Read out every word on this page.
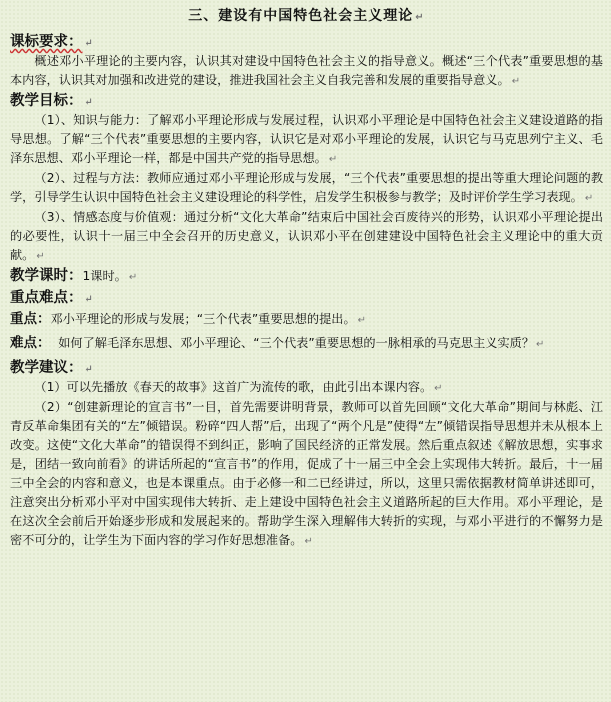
三、建设有中国特色社会主义理论 ↵
课标要求： ↵

概述邓小平理论的主要内容，认识其对建设中国特色社会主义的指导意义。概述“三个代表”重要思想的基本内容，认识其对加强和改进党的建设，推进我国社会主义自我完善和发展的重要指导意义。 ↵

教学目标： ↵

（1）、知识与能力：了解邓小平理论形成与发展过程，认识邓小平理论是中国特色社会主义建设道路的指导思想。了解“三个代表”重要思想的主要内容，认识它是对邓小平理论的发展，认识它与马克思列宁主义、毛泽东思想、邓小平理论一样，都是中国共产党的指导思想。 ↵

（2）、过程与方法：教师应通过邓小平理论形成与发展，“三个代表”重要思想的提出等重大理论问题的教学，引导学生认识中国特色社会主义建设理论的科学性，启发学生积极参与教学；及时评价学生学习表现。 ↵

（3）、情感态度与价值观：通过分析“文化大革命”结束后中国社会百废待兴的形势，认识邓小平理论提出的必要性，认识十一届三中全会召开的历史意义，认识邓小平在创建建设中国特色社会主义理论中的重大贡献。 ↵

教学课时：1课时。 ↵
重点难点： ↵
重点：邓小平理论的形成与发展；“三个代表”重要思想的提出。 ↵
难点： 如何了解毛泽东思想、邓小平理论、“三个代表”重要思想的一脉相承的马克思主义实质？ ↵
教学建议： ↵

（1）可以先播放《春天的故事》这首广为流传的歌，由此引出本课内容。 ↵

（2）“创建新理论的宣言书”一目，首先需要讲明背景，教师可以首先回顾“文化大革命”期间与林彪、江青反革命集团有关的“左”倾错误。粉碎“四人帮”后，出现了“两个凡是”使得“左”倾错误指导思想并未从根本上改变。这使“文化大革命”的错误得不到纠正，影响了国民经济的正常发展。然后重点叙述《解放思想，实事求是，团结一致向前看》的讲话所起的“宣言书”的作用，促成了十一届三中全会上实现伟大转折。最后，十一届三中全会的内容和意义，也是本课重点。由于必修一和二已经讲过，所以，这里只需依据教材简单讲述即可，注意突出分析邓小平对中国实现伟大转折、走上建设中国特色社会主义道路所起的巨大作用。邓小平理论，是在这次全会前后开始逐步形成和发展起来的。帮助学生深入理解伟大转折的实现，与邓小平进行的不懈努力是密不可分的，让学生为下面内容的学习作好思想准备。 ↵
